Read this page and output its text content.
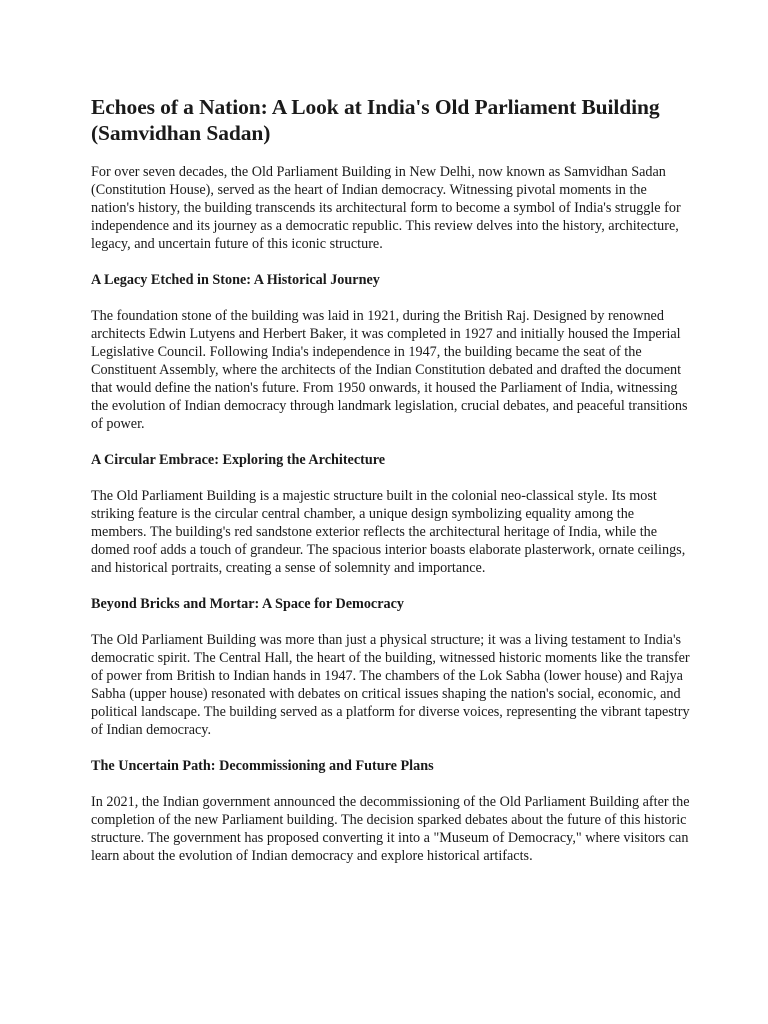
Echoes of a Nation: A Look at India's Old Parliament Building (Samvidhan Sadan)

For over seven decades, the Old Parliament Building in New Delhi, now known as Samvidhan Sadan (Constitution House), served as the heart of Indian democracy. Witnessing pivotal moments in the nation's history, the building transcends its architectural form to become a symbol of India's struggle for independence and its journey as a democratic republic. This review delves into the history, architecture, legacy, and uncertain future of this iconic structure.

A Legacy Etched in Stone: A Historical Journey

The foundation stone of the building was laid in 1921, during the British Raj. Designed by renowned architects Edwin Lutyens and Herbert Baker, it was completed in 1927 and initially housed the Imperial Legislative Council. Following India's independence in 1947, the building became the seat of the Constituent Assembly, where the architects of the Indian Constitution debated and drafted the document that would define the nation's future. From 1950 onwards, it housed the Parliament of India, witnessing the evolution of Indian democracy through landmark legislation, crucial debates, and peaceful transitions of power.

A Circular Embrace: Exploring the Architecture

The Old Parliament Building is a majestic structure built in the colonial neo-classical style. Its most striking feature is the circular central chamber, a unique design symbolizing equality among the members. The building's red sandstone exterior reflects the architectural heritage of India, while the domed roof adds a touch of grandeur. The spacious interior boasts elaborate plasterwork, ornate ceilings, and historical portraits, creating a sense of solemnity and importance.

Beyond Bricks and Mortar: A Space for Democracy

The Old Parliament Building was more than just a physical structure; it was a living testament to India's democratic spirit. The Central Hall, the heart of the building, witnessed historic moments like the transfer of power from British to Indian hands in 1947. The chambers of the Lok Sabha (lower house) and Rajya Sabha (upper house) resonated with debates on critical issues shaping the nation's social, economic, and political landscape. The building served as a platform for diverse voices, representing the vibrant tapestry of Indian democracy.

The Uncertain Path: Decommissioning and Future Plans

In 2021, the Indian government announced the decommissioning of the Old Parliament Building after the completion of the new Parliament building. The decision sparked debates about the future of this historic structure. The government has proposed converting it into a "Museum of Democracy," where visitors can learn about the evolution of Indian democracy and explore historical artifacts.
